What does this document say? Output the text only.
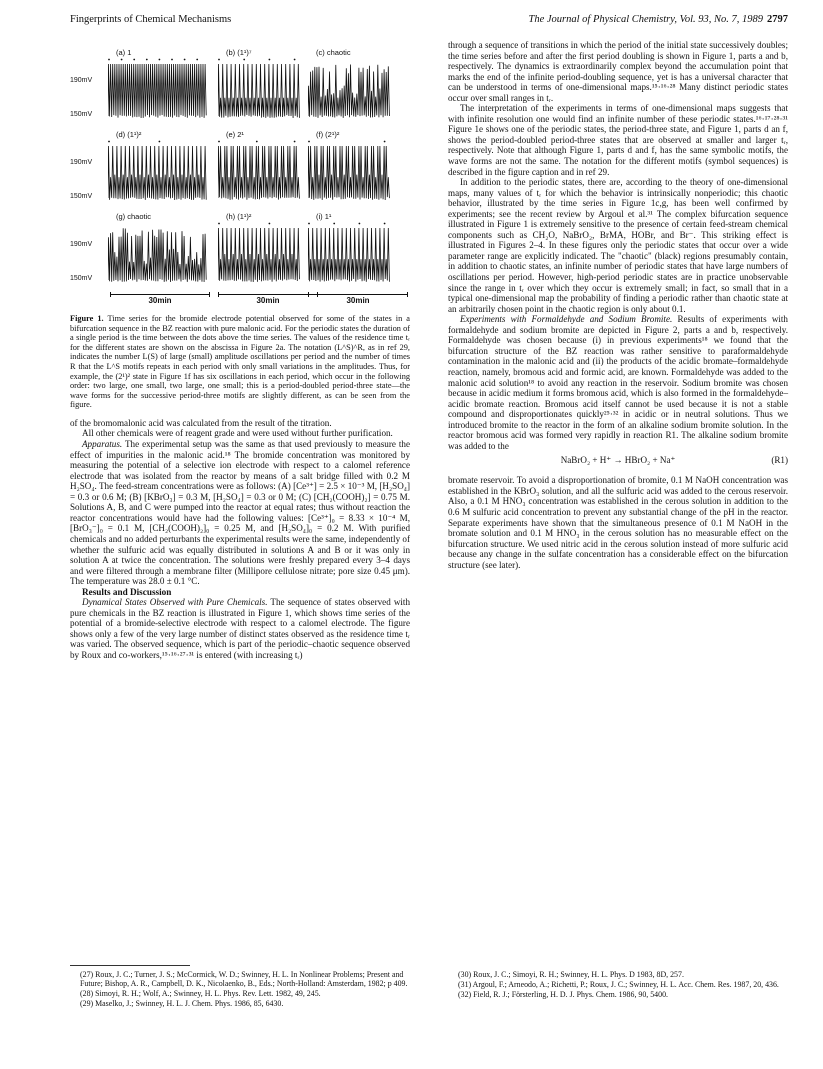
Fingerprints of Chemical Mechanisms	The Journal of Physical Chemistry, Vol. 93, No. 7, 1989 2797
190mV
150mV
190mV
150mV
190mV
150mV
30min	30min	30min
(a) 1	(b) (1¹)⁷	(c) chaotic
(d) (1¹)²	(e) 2¹	(f) (2¹)²
(g) chaotic	(h) (1¹)²	(i) 1¹
Figure 1. Time series for the bromide electrode potential observed for some of the states in a bifurcation sequence in the BZ reaction with pure malonic acid. For the periodic states the duration of a single period is the time between the dots above the time series. The values of the residence time tᵣ for the different states are shown on the abscissa in Figure 2a. The notation (L^S)^R, as in ref 29, indicates the number L(S) of large (small) amplitude oscillations per period and the number of times R that the L^S motifs repeats in each period with only small variations in the amplitudes. Thus, for example, the (2¹)² state in Figure 1f has six oscillations in each period, which occur in the following order: two large, one small, two large, one small; this is a period-doubled period-three state—the wave forms for the successive period-three motifs are slightly different, as can be seen from the figure.

of the bromomalonic acid was calculated from the result of the titration.

All other chemicals were of reagent grade and were used without further purification.

Apparatus. The experimental setup was the same as that used previously to measure the effect of impurities in the malonic acid.¹⁸ The bromide concentration was monitored by measuring the potential of a selective ion electrode with respect to a calomel reference electrode that was isolated from the reactor by means of a salt bridge filled with 0.2 M H₂SO₄. The feed-stream concentrations were as follows: (A) [Ce³⁺] = 2.5 × 10⁻³ M, [H₂SO₄] = 0.3 or 0.6 M; (B) [KBrO₃] = 0.3 M, [H₂SO₄] = 0.3 or 0 M; (C) [CH₂(COOH)₂] = 0.75 M. Solutions A, B, and C were pumped into the reactor at equal rates; thus without reaction the reactor concentrations would have had the following values: [Ce³⁺]₀ = 8.33 × 10⁻⁴ M, [BrO₃⁻]₀ = 0.1 M, [CH₂(COOH)₂]₀ = 0.25 M, and [H₂SO₄]₀ = 0.2 M. With purified chemicals and no added perturbants the experimental results were the same, independently of whether the sulfuric acid was equally distributed in solutions A and B or it was only in solution A at twice the concentration. The solutions were freshly prepared every 3–4 days and were filtered through a membrane filter (Millipore cellulose nitrate; pore size 0.45 μm). The temperature was 28.0 ± 0.1 °C.

Results and Discussion

Dynamical States Observed with Pure Chemicals. The sequence of states observed with pure chemicals in the BZ reaction is illustrated in Figure 1, which shows time series of the potential of a bromide-selective electrode with respect to a calomel electrode. The figure shows only a few of the very large number of distinct states observed as the residence time tᵣ was varied. The observed sequence, which is part of the periodic–chaotic sequence observed by Roux and co-workers,¹⁵·¹⁶·²⁷·³¹ is entered (with increasing tᵣ)

through a sequence of transitions in which the period of the initial state successively doubles; the time series before and after the first period doubling is shown in Figure 1, parts a and b, respectively. The dynamics is extraordinarily complex beyond the accumulation point that marks the end of the infinite period-doubling sequence, yet is has a universal character that can be understood in terms of one-dimensional maps.¹⁵·¹⁶·²⁸ Many distinct periodic states occur over small ranges in tᵣ.

The interpretation of the experiments in terms of one-dimensional maps suggests that with infinite resolution one would find an infinite number of these periodic states.¹⁶·¹⁷·²⁸·³¹ Figure 1e shows one of the periodic states, the period-three state, and Figure 1, parts d an f, shows the period-doubled period-three states that are observed at smaller and larger tᵣ, respectively. Note that although Figure 1, parts d and f, has the same symbolic motifs, the wave forms are not the same. The notation for the different motifs (symbol sequences) is described in the figure caption and in ref 29.

In addition to the periodic states, there are, according to the theory of one-dimensional maps, many values of tᵣ for which the behavior is intrinsically nonperiodic; this chaotic behavior, illustrated by the time series in Figure 1c,g, has been well confirmed by experiments; see the recent review by Argoul et al.³¹ The complex bifurcation sequence illustrated in Figure 1 is extremely sensitive to the presence of certain feed-stream chemical components such as CH₂O, NaBrO₂, BrMA, HOBr, and Br⁻. This striking effect is illustrated in Figures 2–4. In these figures only the periodic states that occur over a wide parameter range are explicitly indicated. The "chaotic" (black) regions presumably contain, in addition to chaotic states, an infinite number of periodic states that have large numbers of oscillations per period. However, high-period periodic states are in practice unobservable since the range in tᵣ over which they occur is extremely small; in fact, so small that in a typical one-dimensional map the probability of finding a periodic rather than chaotic state at an arbitrarily chosen point in the chaotic region is only about 0.1.

Experiments with Formaldehyde and Sodium Bromite. Results of experiments with formaldehyde and sodium bromite are depicted in Figure 2, parts a and b, respectively. Formaldehyde was chosen because (i) in previous experiments¹⁸ we found that the bifurcation structure of the BZ reaction was rather sensitive to paraformaldehyde contamination in the malonic acid and (ii) the products of the acidic bromate–formaldehyde reaction, namely, bromous acid and formic acid, are known. Formaldehyde was added to the malonic acid solution¹⁸ to avoid any reaction in the reservoir. Sodium bromite was chosen because in acidic medium it forms bromous acid, which is also formed in the formaldehyde–acidic bromate reaction. Bromous acid itself cannot be used because it is not a stable compound and disproportionates quickly²⁵·³² in acidic or in neutral solutions. Thus we introduced bromite to the reactor in the form of an alkaline sodium bromite solution. In the reactor bromous acid was formed very rapidly in reaction R1. The alkaline sodium bromite was added to the

NaBrO₂ + H⁺ → HBrO₂ + Na⁺	(R1)

bromate reservoir. To avoid a disproportionation of bromite, 0.1 M NaOH concentration was established in the KBrO₃ solution, and all the sulfuric acid was added to the cerous reservoir. Also, a 0.1 M HNO₃ concentration was established in the cerous solution in addition to the 0.6 M sulfuric acid concentration to prevent any substantial change of the pH in the reactor. Separate experiments have shown that the simultaneous presence of 0.1 M NaOH in the bromate solution and 0.1 M HNO₃ in the cerous solution has no measurable effect on the bifurcation structure. We used nitric acid in the cerous solution instead of more sulfuric acid because any change in the sulfate concentration has a considerable effect on the bifurcation structure (see later).

(27) Roux, J. C.; Turner, J. S.; McCormick, W. D.; Swinney, H. L. In Nonlinear Problems; Present and Future; Bishop, A. R., Campbell, D. K., Nicolaenko, B., Eds.; North-Holland: Amsterdam, 1982; p 409.
(28) Simoyi, R. H.; Wolf, A.; Swinney, H. L. Phys. Rev. Lett. 1982, 49, 245.
(29) Maselko, J.; Swinney, H. L. J. Chem. Phys. 1986, 85, 6430.
(30) Roux, J. C.; Simoyi, R. H.; Swinney, H. L. Phys. D 1983, 8D, 257.
(31) Argoul, F.; Arneodo, A.; Richetti, P.; Roux, J. C.; Swinney, H. L. Acc. Chem. Res. 1987, 20, 436.
(32) Field, R. J.; Försterling, H. D. J. Phys. Chem. 1986, 90, 5400.
